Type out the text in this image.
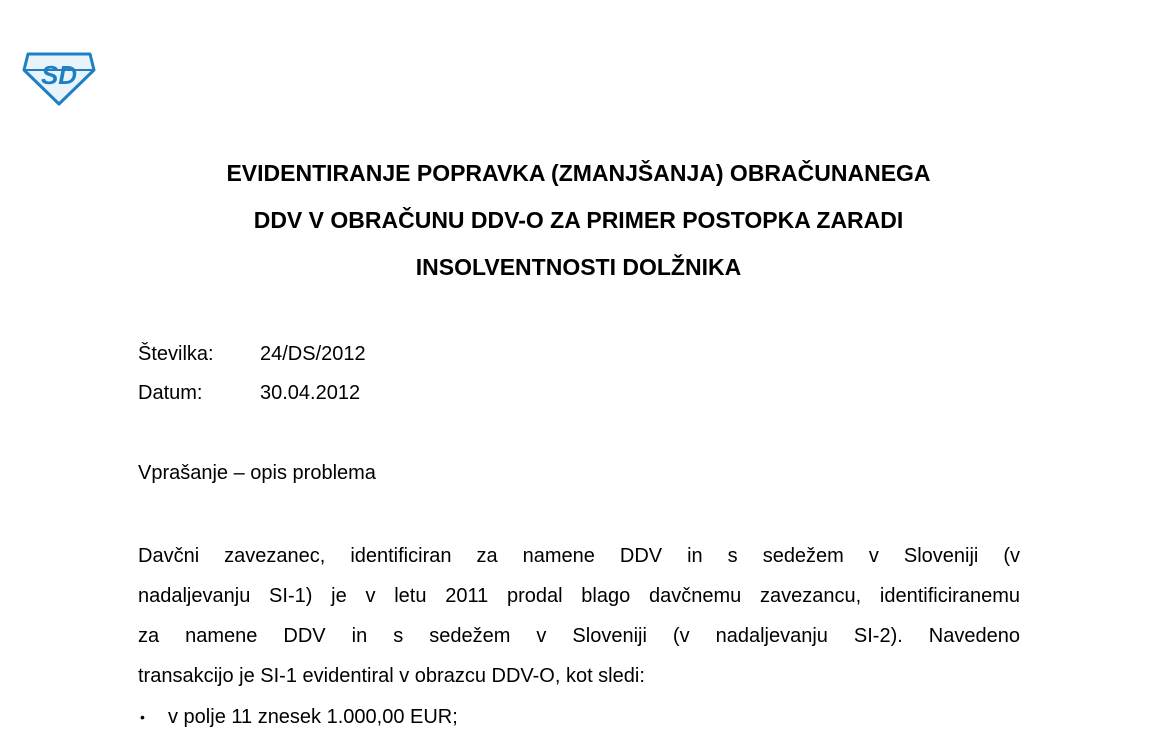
SD
EVIDENTIRANJE POPRAVKA (ZMANJŠANJA) OBRAČUNANEGA
DDV V OBRAČUNU DDV-O ZA PRIMER POSTOPKA ZARADI
INSOLVENTNOSTI DOLŽNIKA
Številka:	24/DS/2012
Datum:	30.04.2012
Vprašanje – opis problema
Davčni zavezanec, identificiran za namene DDV in s sedežem v Sloveniji (v
nadaljevanju SI-1) je v letu 2011 prodal blago davčnemu zavezancu, identificiranemu
za namene DDV in s sedežem v Sloveniji (v nadaljevanju SI-2). Navedeno
transakcijo je SI-1 evidentiral v obrazcu DDV-O, kot sledi:
•	v polje 11 znesek 1.000,00 EUR;
